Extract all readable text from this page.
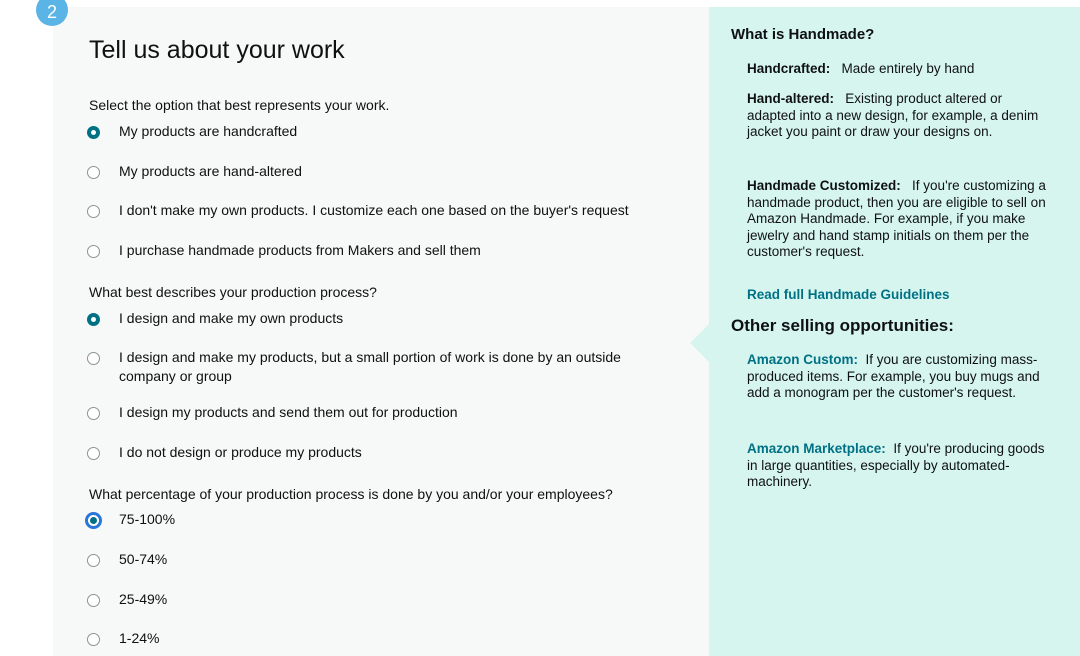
Tell us about your work
Select the option that best represents your work.
My products are handcrafted
My products are hand-altered
I don't make my own products. I customize each one based on the buyer's request
I purchase handmade products from Makers and sell them
What best describes your production process?
I design and make my own products
I design and make my products, but a small portion of work is done by an outside company or group
I design my products and send them out for production
I do not design or produce my products
What percentage of your production process is done by you and/or your employees?
75-100%
50-74%
25-49%
1-24%
What is Handmade?

Handcrafted: Made entirely by hand

Hand-altered: Existing product altered or adapted into a new design, for example, a denim jacket you paint or draw your designs on.

Handmade Customized: If you're customizing a handmade product, then you are eligible to sell on Amazon Handmade. For example, if you make jewelry and hand stamp initials on them per the customer's request.

Read full Handmade Guidelines

Other selling opportunities:

Amazon Custom: If you are customizing mass-produced items. For example, you buy mugs and add a monogram per the customer's request.

Amazon Marketplace: If you're producing goods in large quantities, especially by automated-machinery.

2
